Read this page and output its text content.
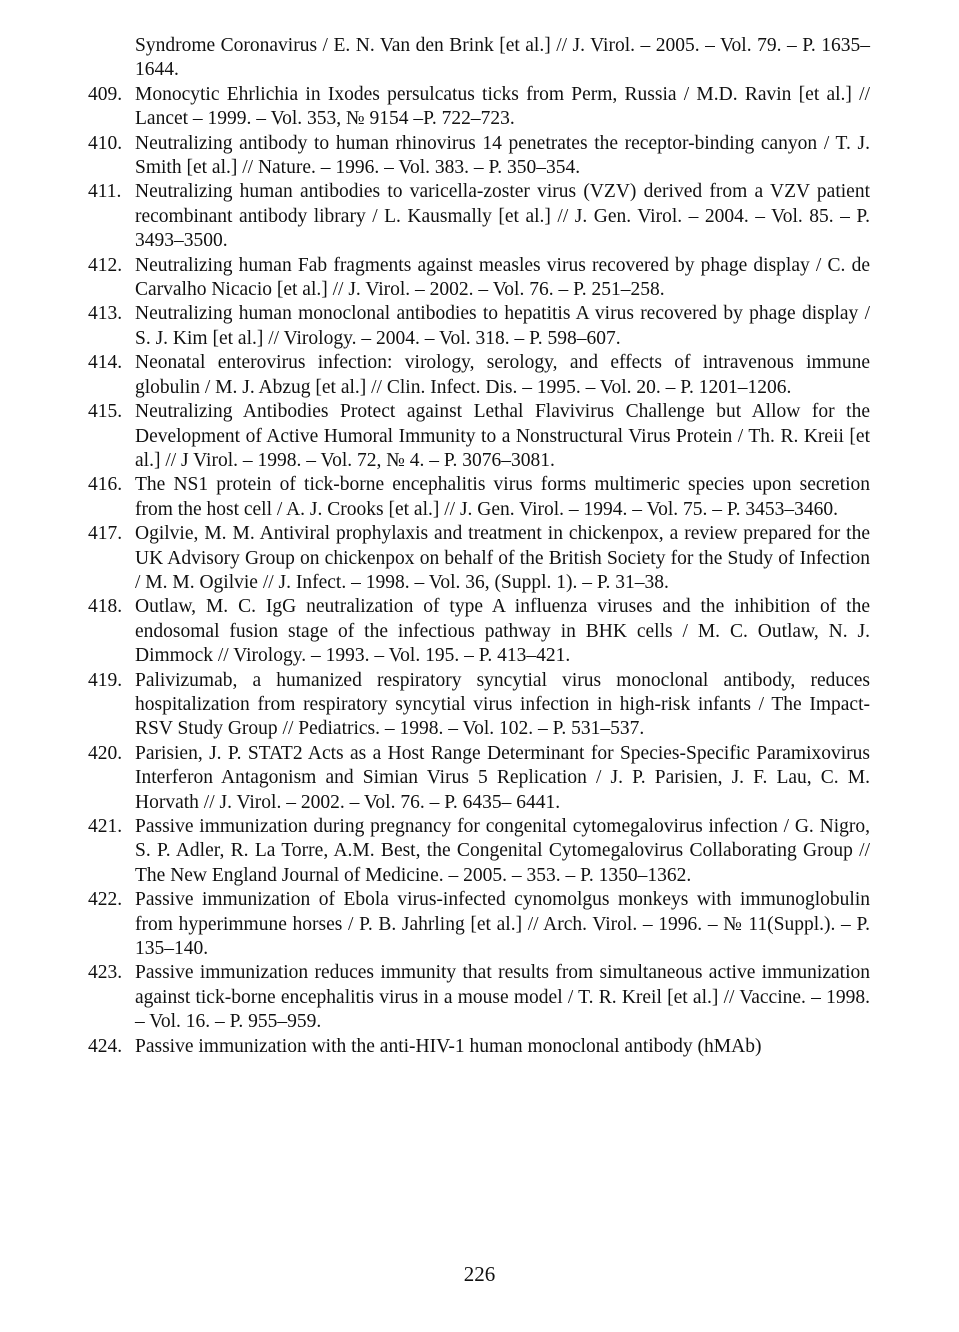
Syndrome Coronavirus / E. N. Van den Brink [et al.] // J. Virol. – 2005. – Vol. 79. – P. 1635–1644.

409. Monocytic Ehrlichia in Ixodes persulcatus ticks from Perm, Russia / M.D. Ravin [et al.] // Lancet – 1999. – Vol. 353, № 9154 –P. 722–723.
410. Neutralizing antibody to human rhinovirus 14 penetrates the receptor-binding canyon / T. J. Smith [et al.] // Nature. – 1996. – Vol. 383. – P. 350–354.
411. Neutralizing human antibodies to varicella-zoster virus (VZV) derived from a VZV patient recombinant antibody library / L. Kausmally [et al.] // J. Gen. Virol. – 2004. – Vol. 85. – P. 3493–3500.
412. Neutralizing human Fab fragments against measles virus recovered by phage display / C. de Carvalho Nicacio [et al.] // J. Virol. – 2002. – Vol. 76. – P. 251–258.
413. Neutralizing human monoclonal antibodies to hepatitis A virus recovered by phage display / S. J. Kim [et al.] // Virology. – 2004. – Vol. 318. – P. 598–607.
414. Neonatal enterovirus infection: virology, serology, and effects of intravenous immune globulin / M. J. Abzug [et al.] // Clin. Infect. Dis. – 1995. – Vol. 20. – P. 1201–1206.
415. Neutralizing Antibodies Protect against Lethal Flavivirus Challenge but Allow for the Development of Active Humoral Immunity to a Nonstructural Virus Protein / Th. R. Kreii [et al.] // J Virol. – 1998. – Vol. 72, № 4. – P. 3076–3081.
416. The NS1 protein of tick-borne encephalitis virus forms multimeric species upon secretion from the host cell / A. J. Crooks [et al.] // J. Gen. Virol. – 1994. – Vol. 75. – P. 3453–3460.
417. Ogilvie, M. M. Antiviral prophylaxis and treatment in chickenpox, a review prepared for the UK Advisory Group on chickenpox on behalf of the British Society for the Study of Infection / M. M. Ogilvie // J. Infect. – 1998. – Vol. 36, (Suppl. 1). – P. 31–38.
418. Outlaw, M. C. IgG neutralization of type A influenza viruses and the inhibition of the endosomal fusion stage of the infectious pathway in BHK cells / M. C. Outlaw, N. J. Dimmock // Virology. – 1993. – Vol. 195. – P. 413–421.
419. Palivizumab, a humanized respiratory syncytial virus monoclonal antibody, reduces hospitalization from respiratory syncytial virus infection in high-risk infants / The Impact-RSV Study Group // Pediatrics. – 1998. – Vol. 102. – P. 531–537.
420. Parisien, J. P. STAT2 Acts as a Host Range Determinant for Species-Specific Paramixovirus Interferon Antagonism and Simian Virus 5 Replication / J. P. Parisien, J. F. Lau, C. M. Horvath // J. Virol. – 2002. – Vol. 76. – P. 6435– 6441.
421. Passive immunization during pregnancy for congenital cytomegalovirus infection / G. Nigro, S. P. Adler, R. La Torre, A.M. Best, the Congenital Cytomegalovirus Collaborating Group // The New England Journal of Medicine. – 2005. – 353. – P. 1350–1362.
422. Passive immunization of Ebola virus-infected cynomolgus monkeys with immunoglobulin from hyperimmune horses / P. B. Jahrling [et al.] // Arch. Virol. – 1996. – № 11(Suppl.). – P. 135–140.
423. Passive immunization reduces immunity that results from simultaneous active immunization against tick-borne encephalitis virus in a mouse model / T. R. Kreil [et al.] // Vaccine. – 1998. – Vol. 16. – P. 955–959.
424. Passive immunization with the anti-HIV-1 human monoclonal antibody (hMAb)
226
